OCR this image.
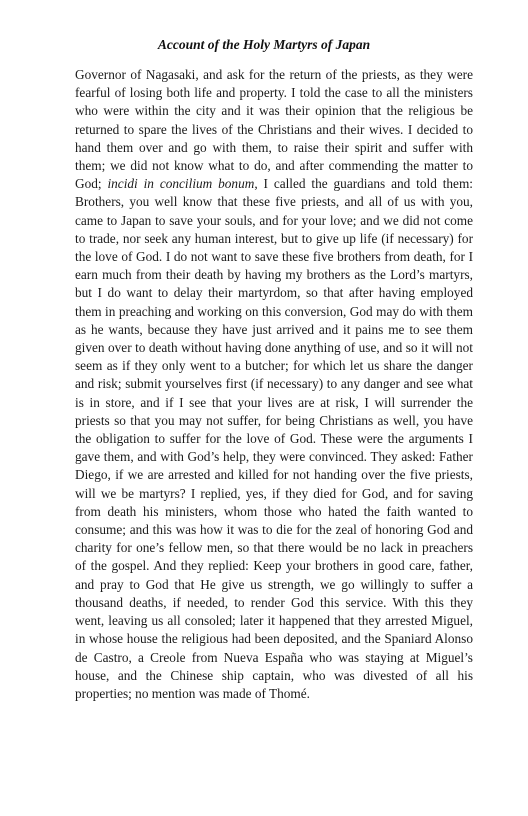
Account of the Holy Martyrs of Japan

Governor of Nagasaki, and ask for the return of the priests, as they were fearful of losing both life and property. I told the case to all the ministers who were within the city and it was their opinion that the religious be returned to spare the lives of the Christians and their wives. I decided to hand them over and go with them, to raise their spirit and suffer with them; we did not know what to do, and after commending the matter to God; incidi in concilium bonum, I called the guardians and told them: Brothers, you well know that these five priests, and all of us with you, came to Japan to save your souls, and for your love; and we did not come to trade, nor seek any human interest, but to give up life (if necessary) for the love of God. I do not want to save these five brothers from death, for I earn much from their death by having my brothers as the Lord’s martyrs, but I do want to delay their martyrdom, so that after having employed them in preaching and working on this conversion, God may do with them as he wants, because they have just arrived and it pains me to see them given over to death without having done anything of use, and so it will not seem as if they only went to a butcher; for which let us share the danger and risk; submit yourselves first (if necessary) to any danger and see what is in store, and if I see that your lives are at risk, I will surrender the priests so that you may not suffer, for being Christians as well, you have the obligation to suffer for the love of God. These were the arguments I gave them, and with God’s help, they were convinced. They asked: Father Diego, if we are arrested and killed for not handing over the five priests, will we be martyrs? I replied, yes, if they died for God, and for saving from death his ministers, whom those who hated the faith wanted to consume; and this was how it was to die for the zeal of honoring God and charity for one’s fellow men, so that there would be no lack in preachers of the gospel. And they replied: Keep your brothers in good care, father, and pray to God that He give us strength, we go willingly to suffer a thousand deaths, if needed, to render God this service. With this they went, leaving us all consoled; later it happened that they arrested Miguel, in whose house the religious had been deposited, and the Spaniard Alonso de Castro, a Creole from Nueva España who was staying at Miguel’s house, and the Chinese ship captain, who was divested of all his properties; no mention was made of Thomé.
